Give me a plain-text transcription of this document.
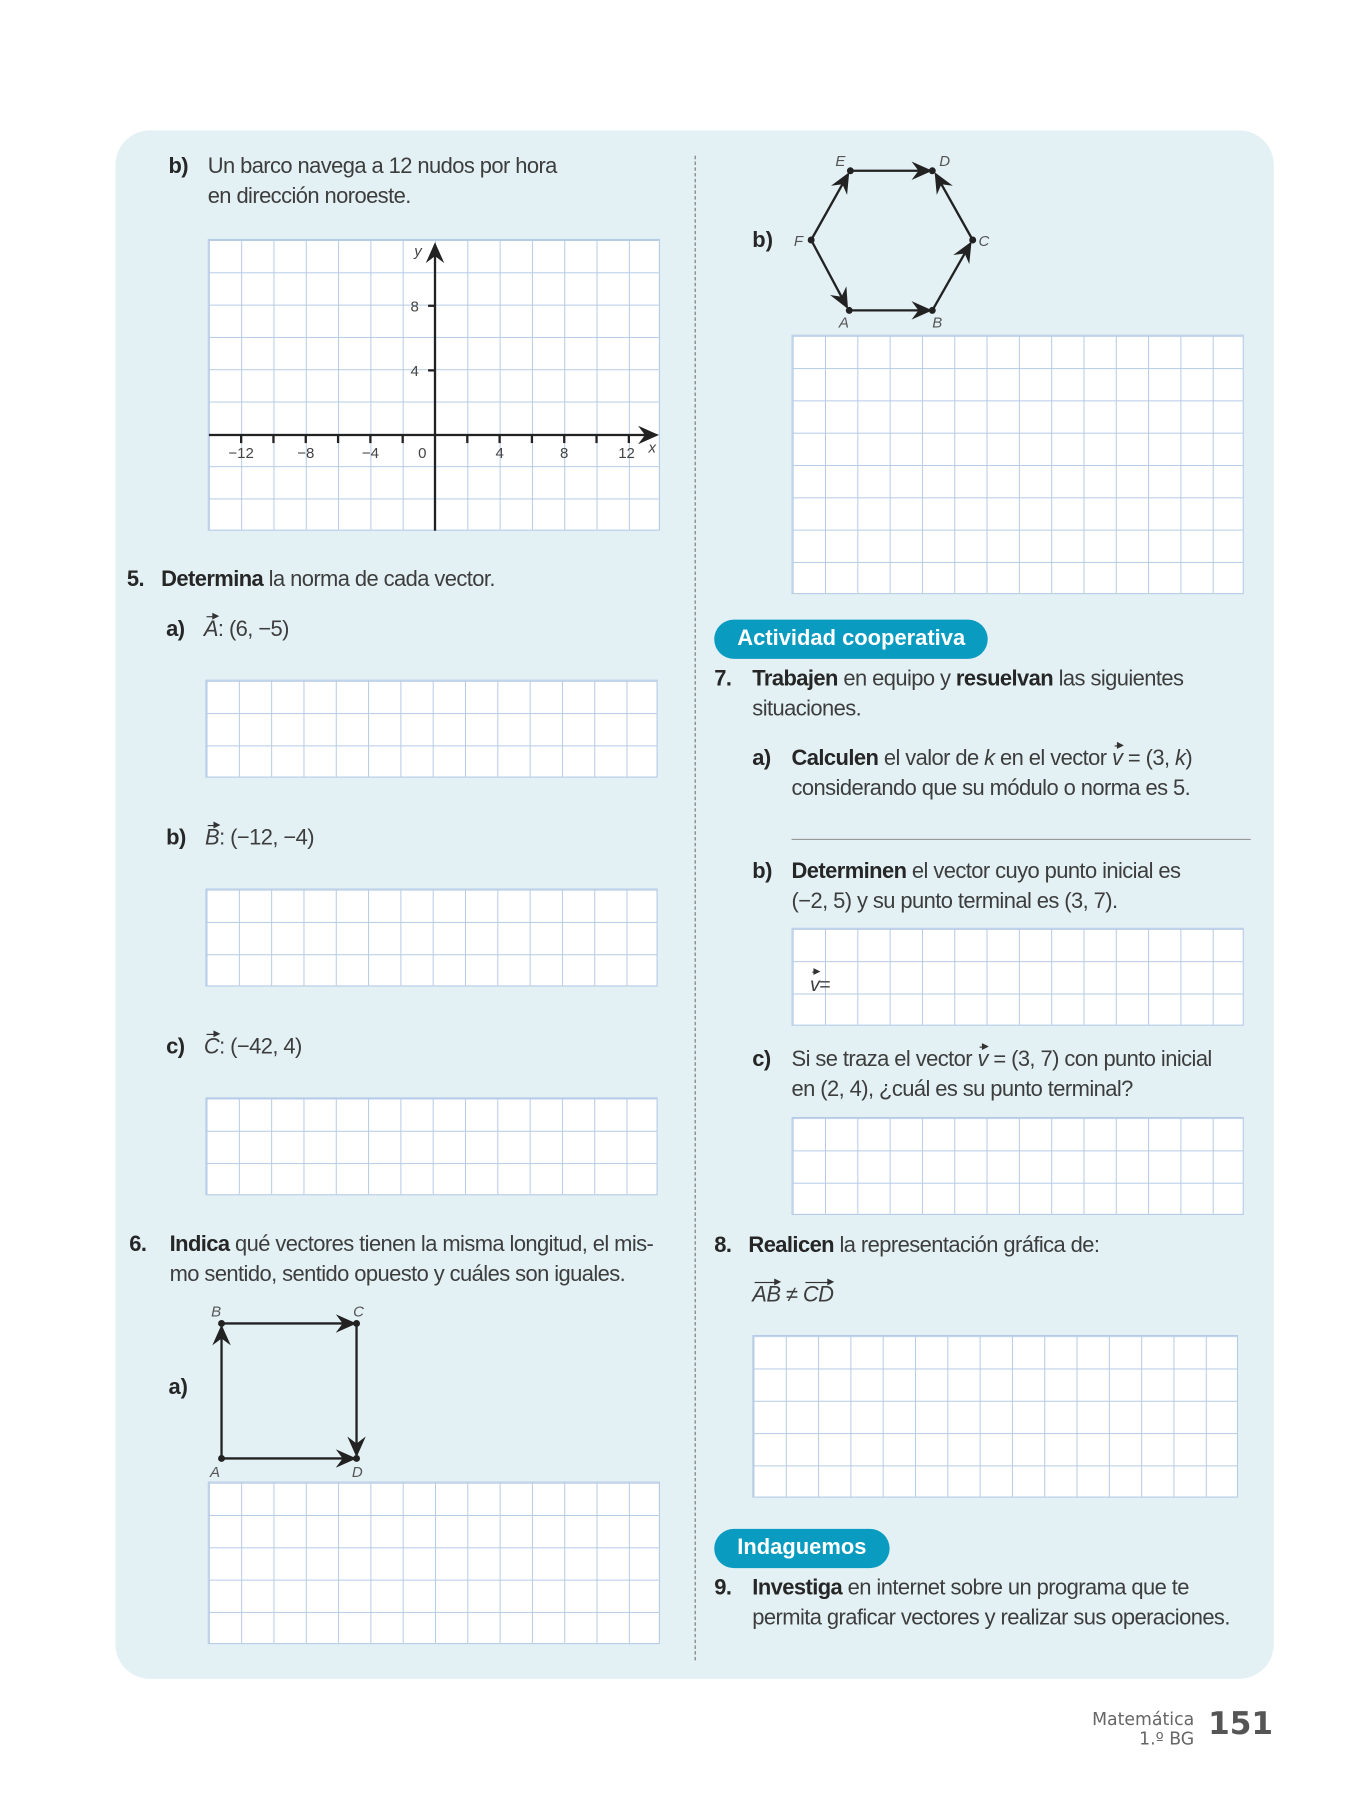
b) Un barco navega a 12 nudos por hora
en dirección noroeste.
8
4
y
x
−12	−8	−4	0	4	8	12
5. Determina la norma de cada vector.
a) A: (6, −5)
b) B: (−12, −4)
c) C: (−42, 4)
6. Indica qué vectores tienen la misma longitud, el mis-
mo sentido, sentido opuesto y cuáles son iguales.
a)
B	C
A	D
b)
A	B
C
D
E
F
Actividad cooperativa
7. Trabajen en equipo y resuelvan las siguientes
situaciones.
a) Calculen el valor de k en el vector v = (3, k)
considerando que su módulo o norma es 5.
b) Determinen el vector cuyo punto inicial es
(−2, 5) y su punto terminal es (3, 7).
v=
c) Si se traza el vector v = (3, 7) con punto inicial
en (2, 4), ¿cuál es su punto terminal?
8. Realicen la representación gráfica de:
AB ≠ CD
Indaguemos
9. Investiga en internet sobre un programa que te
permita graficar vectores y realizar sus operaciones.
Matemática
1.º BG 151
